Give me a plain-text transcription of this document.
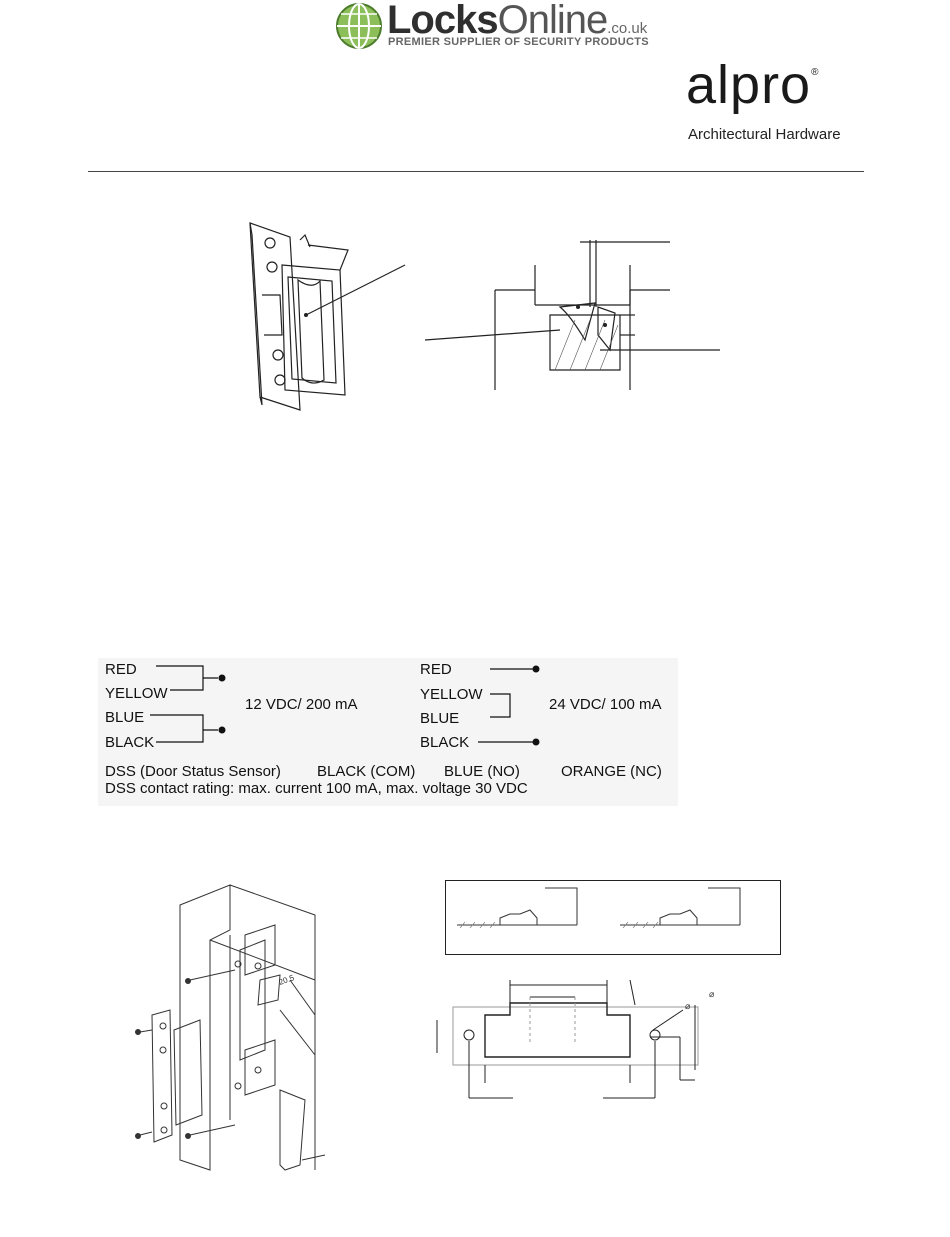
LocksOnline.co.uk
PREMIER SUPPLIER OF SECURITY PRODUCTS
alpro®
Architectural Hardware
RED
YELLOW
BLUE
BLACK
12 VDC/ 200 mA
RED
YELLOW
BLUE
BLACK
24 VDC/ 100 mA
DSS (Door Status Sensor) BLACK (COM) BLUE (NO)	ORANGE (NC)
DSS contact rating: max. current 100 mA, max. voltage 30 VDC
20.5
⌀
⌀
